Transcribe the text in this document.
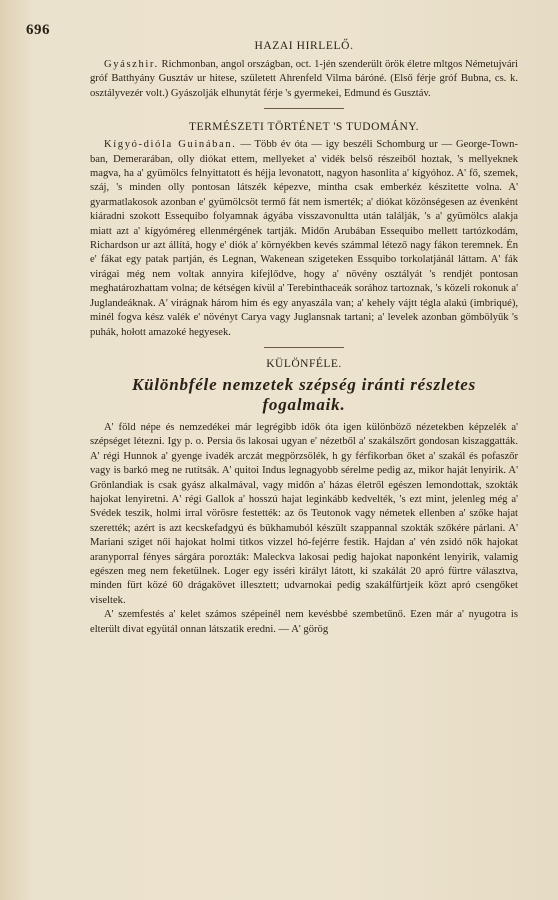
696
HAZAI HIRLELŐ.

Gyászhir. Richmonban, angol országban, oct. 1-jén szenderült örök életre mltgos Németujvári gróf Batthyány Gusztáv ur hitese, született Ahrenfeld Vilma báróné. (Első férje gróf Bubna, cs. k. osztályvezér volt.) Gyászolják elhunytát férje 's gyermekei, Edmund és Gusztáv.

TERMÉSZETI TÖRTÉNET 'S TUDOMÁNY.

Kígyó-dióla Guinában. — Több év óta — igy beszéli Schomburg ur — George-Town-ban, Demerarában, olly diókat ettem, mellyeket a' vidék belső részeiből hoztak, 's mellyeknek magva, ha a' gyümölcs felnyittatott és héjja levonatott, nagyon hasonlita a' kígyóhoz. A' fő, szemek, száj, 's minden olly pontosan látszék képezve, mintha csak emberkéz készitette volna. A' gyarmatlakosok azonban e' gyümölcsöt termő fát nem ismerték; a' diókat közönségesen az évenként kiáradni szokott Essequibo folyamnak ágyába visszavonultta után találják, 's a' gyümölcs alakja miatt azt a' kígyóméreg ellenmérgének tartják. Midőn Arubában Essequibo mellett tartózkodám, Richardson ur azt állítá, hogy e' diók a' környékben kevés számmal létező nagy fákon teremnek. Én e' fákat egy patak partján, és Legnan, Wakenean szigeteken Essquibo torkolatjánál láttam. A' fák virágai még nem voltak annyira kifejlődve, hogy a' növény osztályát 's rendjét pontosan meghatározhattam volna; de kétségen kívül a' Terebinthaceák sorához tartoznak, 's közeli rokonuk a' Juglandeáknak. A' virágnak három him és egy anyaszála van; a' kehely vájtt tégla alakú (imbriqué), minél fogva kész valék e' növényt Carya vagy Juglansnak tartani; a' levelek azonban gömbölyűk 's puhák, hołott amazoké hegyesek.

KÜLÖNFÉLE.
Különbféle nemzetek szépség iránti részletes fogalmaik.

A' föld népe és nemzedékei már legrégibb idők óta igen különböző nézetekben képzelék a' szépséget létezni. Igy p. o. Persia ős lakosai ugyan e' nézetből a' szakálszőrt gondosan kiszaggatták. A' régi Hunnok a' gyenge ivadék arczát megpörzsölék, h gy férfikorban őket a' szakál és pofaszőr vagy is barkó meg ne rutítsák. A' quitoi Indus legnagyobb sérelme pedig az, mikor haját lenyirik. A' Grönlandiak is csak gyász alkalmával, vagy midőn a' házas életről egészen lemondottak, szokták hajokat lenyiretni. A' régi Gallok a' hosszú hajat leginkább kedvelték, 's ezt mint, jelenleg még a' Svédek teszik, holmi irral vörösre festették: az ős Teutonok vagy németek ellenben a' szőke hajat szerették; azért is azt kecskefadgyú és bükhamuból készült szappannal szokták szőkére párlani. A' Mariani sziget női hajokat holmi titkos vizzel hó-fejérre festik. Hajdan a' vén zsidó nők hajokat aranyporral fényes sárgára porozták: Maleckva lakosai pedig hajokat naponként lenyirik, valamig egészen meg nem feketülnek. Loger egy isséri királyt látott, ki szakálát 20 apró fürtre választva, minden fürt közé 60 drágakövet illesztett; udvarnokai pedig szakálfürtjeik közt apró csengőket viseltek.

A' szemfestés a' kelet számos szépeinél nem kevésbbé szembetűnő. Ezen már a' nyugotra is elterült divat együtál onnan látszatik eredni. — A' görög
